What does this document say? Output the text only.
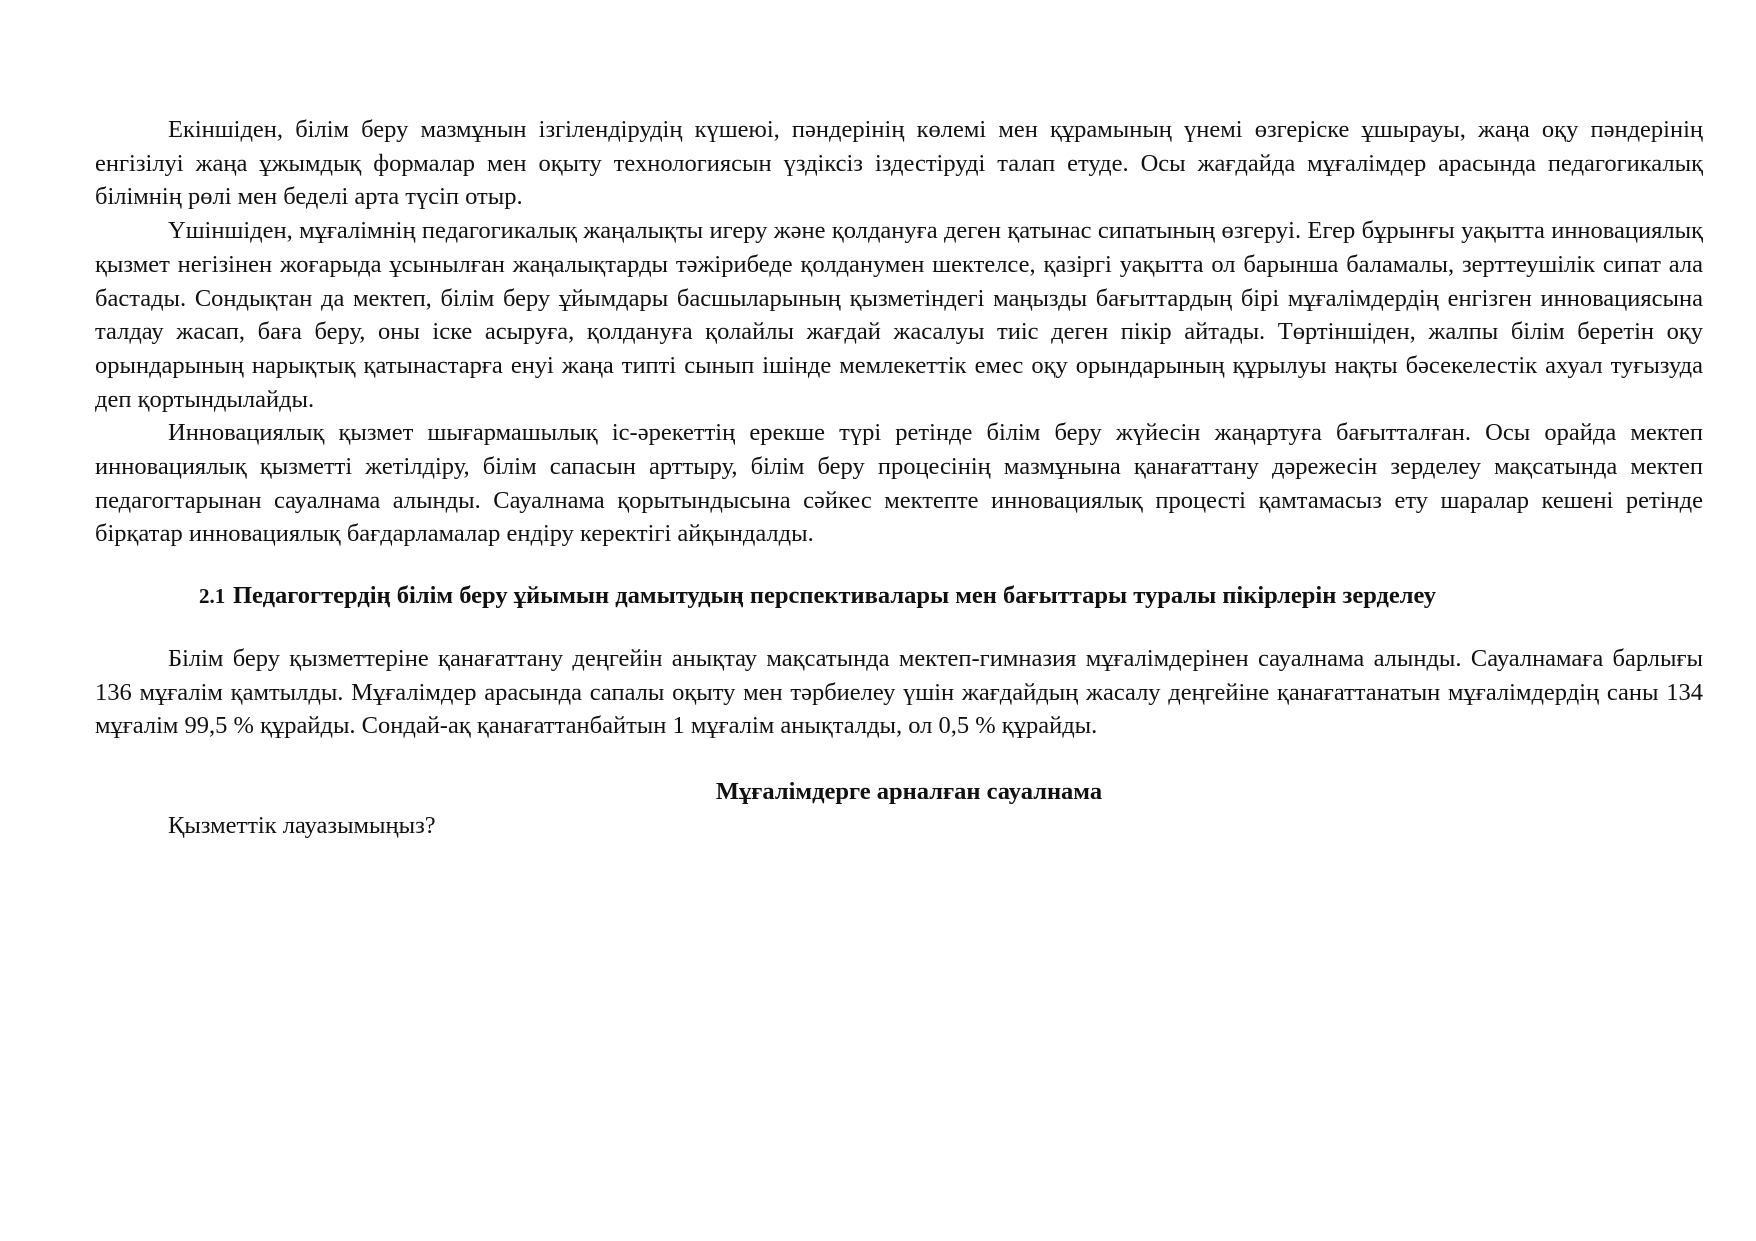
Екіншіден, білім беру мазмұнын ізгілендірудің күшеюі, пәндерінің көлемі мен құрамының үнемі өзгеріске ұшырауы, жаңа оқу пәндерінің енгізілуі жаңа ұжымдық формалар мен оқыту технологиясын үздіксіз іздестіруді талап етуде. Осы жағдайда мұғалімдер арасында педагогикалық білімнің рөлі мен беделі арта түсіп отыр.

Үшіншіден, мұғалімнің педагогикалық жаңалықты игеру және қолдануға деген қатынас сипатының өзгеруі. Егер бұрынғы уақытта инновациялық қызмет негізінен жоғарыда ұсынылған жаңалықтарды тәжірибеде қолданумен шектелсе, қазіргі уақытта ол барынша баламалы, зерттеушілік сипат ала бастады. Сондықтан да мектеп, білім беру ұйымдары басшыларының қызметіндегі маңызды бағыттардың бірі мұғалімдердің енгізген инновациясына талдау жасап, баға беру, оны іске асыруға, қолдануға қолайлы жағдай жасалуы тиіс деген пікір айтады. Төртіншіден, жалпы білім беретін оқу орындарының нарықтық қатынастарға енуі жаңа типті сынып ішінде мемлекеттік емес оқу орындарының құрылуы нақты бәсекелестік ахуал туғызуда деп қортындылайды.

Инновациялық қызмет шығармашылық іс-әрекеттің ерекше түрі ретінде білім беру жүйесін жаңартуға бағытталған. Осы орайда мектеп инновациялық қызметті жетілдіру, білім сапасын арттыру, білім беру процесінің мазмұнына қанағаттану дәрежесін зерделеу мақсатында мектеп педагогтарынан сауалнама алынды. Сауалнама қорытындысына сәйкес мектепте инновациялық процесті қамтамасыз ету шаралар кешені ретінде бірқатар инновациялық бағдарламалар ендіру керектігі айқындалды.

2.1 Педагогтердің білім беру ұйымын дамытудың перспективалары мен бағыттары туралы пікірлерін зерделеу

Білім беру қызметтеріне қанағаттану деңгейін анықтау мақсатында мектеп-гимназия мұғалімдерінен сауалнама алынды. Сауалнамаға барлығы 136 мұғалім қамтылды. Мұғалімдер арасында сапалы оқыту мен тәрбиелеу үшін жағдайдың жасалу деңгейіне қанағаттанатын мұғалімдердің саны 134 мұғалім 99,5 % құрайды. Сондай-ақ қанағаттанбайтын 1 мұғалім анықталды, ол 0,5 % құрайды.

Мұғалімдерге арналған сауалнама

Қызметтік лауазымыңыз?
